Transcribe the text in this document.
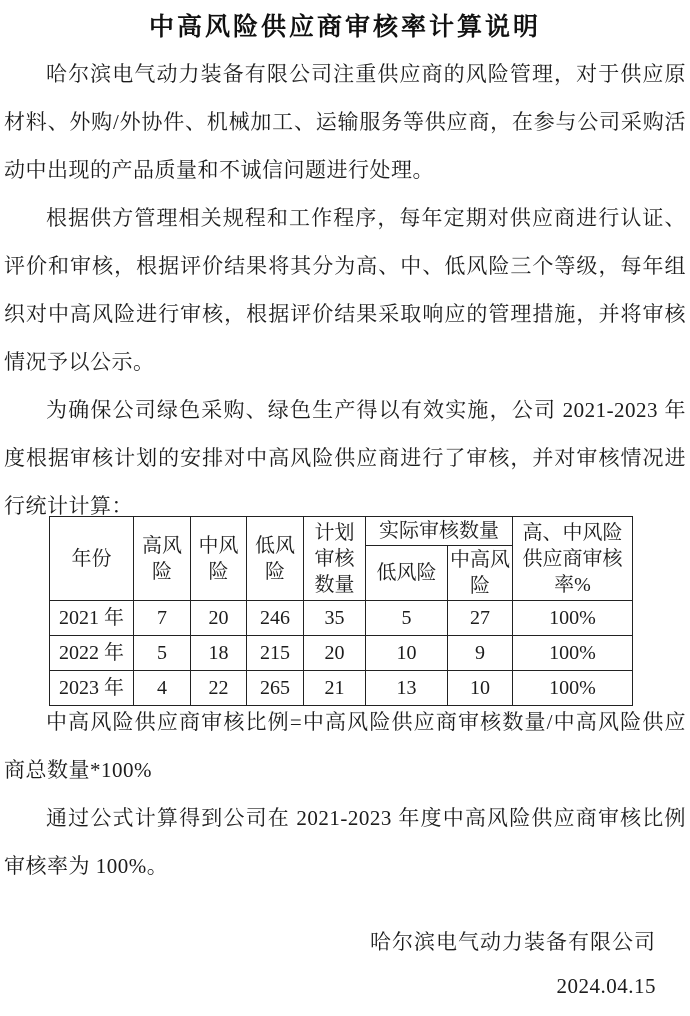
中高风险供应商审核率计算说明
哈尔滨电气动力装备有限公司注重供应商的风险管理，对于供应原材料、外购/外协件、机械加工、运输服务等供应商，在参与公司采购活动中出现的产品质量和不诚信问题进行处理。
根据供方管理相关规程和工作程序，每年定期对供应商进行认证、评价和审核，根据评价结果将其分为高、中、低风险三个等级，每年组织对中高风险进行审核，根据评价结果采取响应的管理措施，并将审核情况予以公示。
为确保公司绿色采购、绿色生产得以有效实施，公司 2021-2023 年度根据审核计划的安排对中高风险供应商进行了审核，并对审核情况进行统计计算：
年份	高风险	中风险	低风险	计划审核数量	实际审核数量		高、中风险供应商审核率%
					低风险	中高风险	
2021 年	7	20	246	35	5	27	100%
2022 年	5	18	215	20	10	9	100%
2023 年	4	22	265	21	13	10	100%
中高风险供应商审核比例=中高风险供应商审核数量/中高风险供应商总数量*100%
通过公式计算得到公司在 2021-2023 年度中高风险供应商审核比例审核率为 100%。
哈尔滨电气动力装备有限公司
2024.04.15
